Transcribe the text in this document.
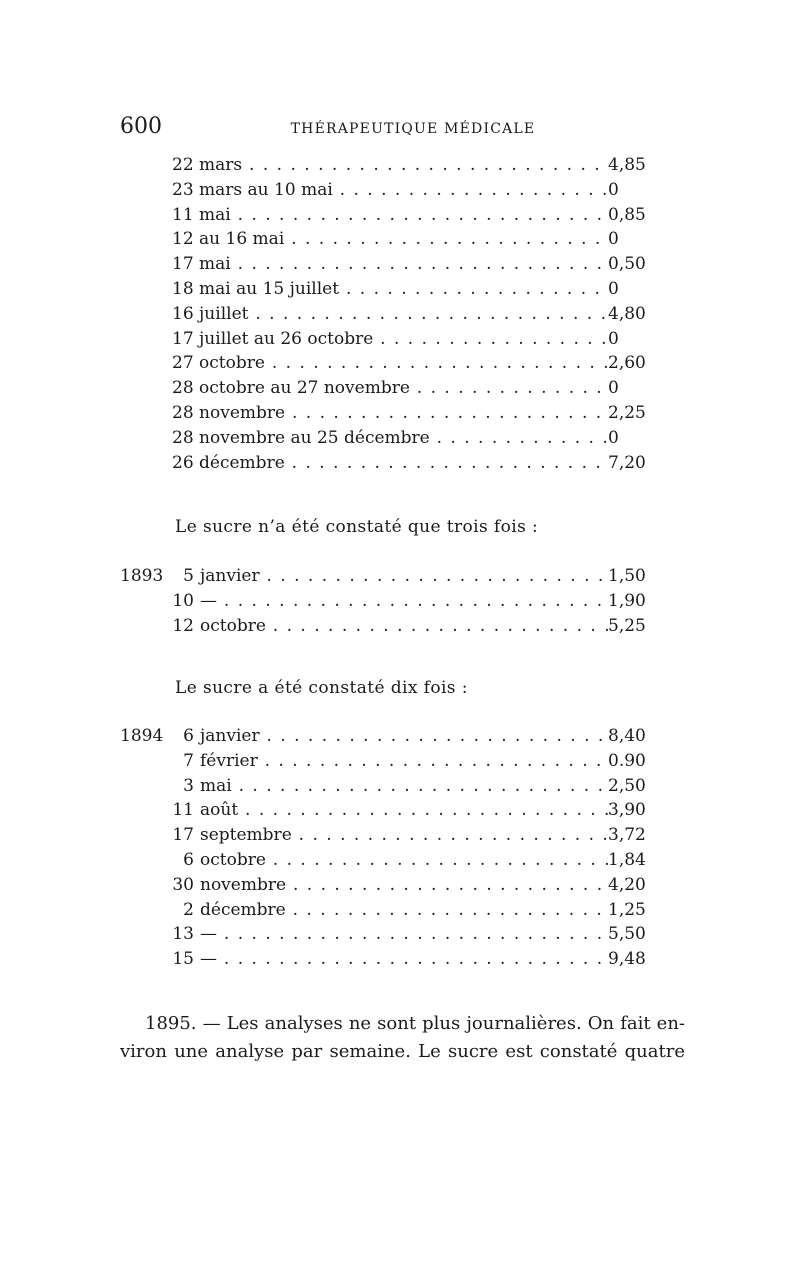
600	THÉRAPEUTIQUE MÉDICALE
22 mars . . .	4,85
23 mars au 10 mai . . .	0
11 mai . . .	0,85
12 au 16 mai . . .	0
17 mai . . .	0,50
18 mai au 15 juillet . . .	0
16 juillet . . .	4,80
17 juillet au 26 octobre . . .	0
27 octobre . . .	2,60
28 octobre au 27 novembre . . .	0
28 novembre . . .	2,25
28 novembre au 25 décembre . . .	0
26 décembre . . .	7,20
Le sucre n’a été constaté que trois fois :
1893	5 janvier . . .	1,50
10 — . . .	1,90
12 octobre . . .	5,25
Le sucre a été constaté dix fois :
1894	6 janvier . . .	8,40
7 février . . .	0.90
3 mai . . .	2,50
11 août . . .	3,90
17 septembre . . .	3,72
6 octobre . . .	1,84
30 novembre . . .	4,20
2 décembre . . .	1,25
13 — . . .	5,50
15 — . . .	9,48
1895. — Les analyses ne sont plus journalières. On fait en-
viron une analyse par semaine. Le sucre est constaté quatre
